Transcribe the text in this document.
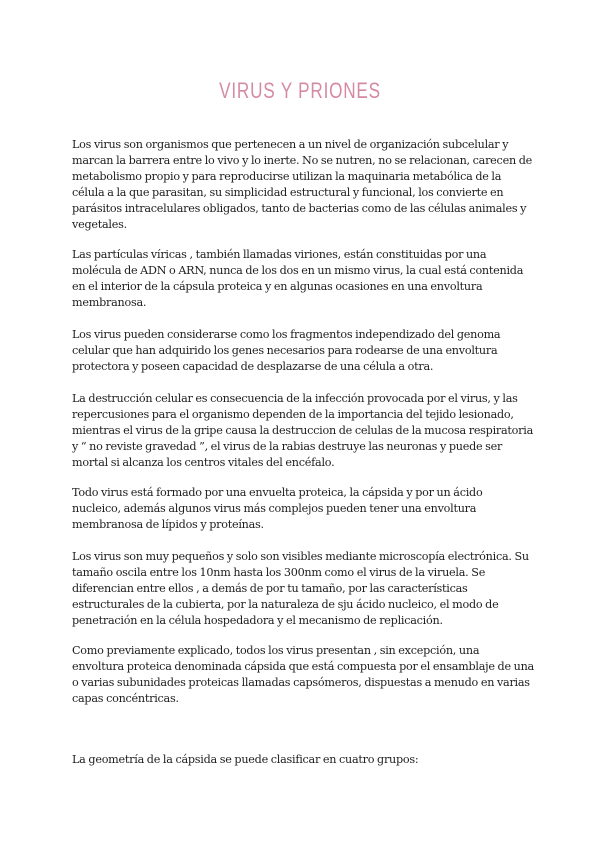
VIRUS Y PRIONES

Los virus son organismos que pertenecen a un nivel de organización subcelular y
marcan la barrera entre lo vivo y lo inerte. No se nutren, no se relacionan, carecen de
metabolismo propio y para reproducirse utilizan la maquinaria metabólica de la
célula a la que parasitan, su simplicidad estructural y funcional, los convierte en
parásitos intracelulares obligados, tanto de bacterias como de las células animales y
vegetales.

Las partículas víricas , también llamadas viriones, están constituidas por una
molécula de ADN o ARN, nunca de los dos en un mismo virus, la cual está contenida
en el interior de la cápsula proteica y en algunas ocasiones en una envoltura
membranosa.

Los virus pueden considerarse como los fragmentos independizado del genoma
celular que han adquirido los genes necesarios para rodearse de una envoltura
protectora y poseen capacidad de desplazarse de una célula a otra.

La destrucción celular es consecuencia de la infección provocada por el virus, y las
repercusiones para el organismo dependen de la importancia del tejido lesionado,
mientras el virus de la gripe causa la destruccion de celulas de la mucosa respiratoria
y “ no reviste gravedad ”, el virus de la rabias destruye las neuronas y puede ser
mortal si alcanza los centros vitales del encéfalo.

Todo virus está formado por una envuelta proteica, la cápsida y por un ácido
nucleico, además algunos virus más complejos pueden tener una envoltura
membranosa de lípidos y proteínas.

Los virus son muy pequeños y solo son visibles mediante microscopía electrónica. Su
tamaño oscila entre los 10nm hasta los 300nm como el virus de la viruela. Se
diferencian entre ellos , a demás de por tu tamaño, por las características
estructurales de la cubierta, por la naturaleza de sju ácido nucleico, el modo de
penetración en la célula hospedadora y el mecanismo de replicación.

Como previamente explicado, todos los virus presentan , sin excepción, una
envoltura proteica denominada cápsida que está compuesta por el ensamblaje de una
o varias subunidades proteicas llamadas capsómeros, dispuestas a menudo en varias
capas concéntricas.

La geometría de la cápsida se puede clasificar en cuatro grupos:
